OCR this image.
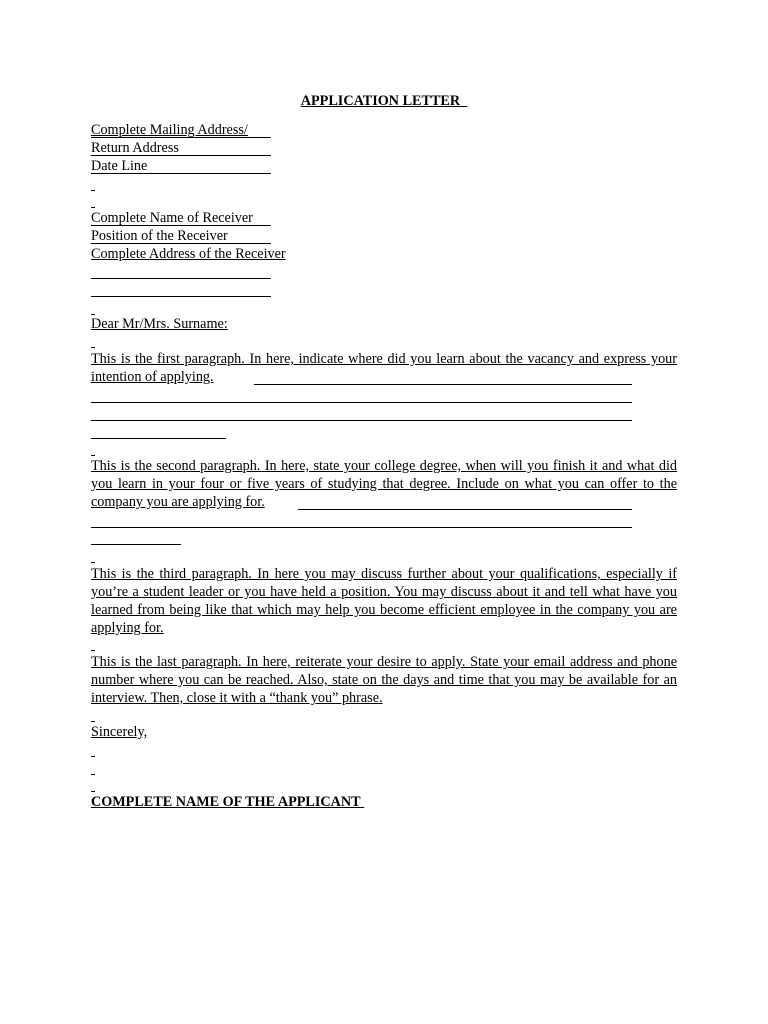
APPLICATION LETTER
Complete Mailing Address/
Return Address
Date Line
Complete Name of Receiver
Position of the Receiver
Complete Address of the Receiver
Dear Mr/Mrs. Surname:
This is the first paragraph. In here, indicate where did you learn about the vacancy and express your intention of applying.
This is the second paragraph. In here, state your college degree, when will you finish it and what did you learn in your four or five years of studying that degree. Include on what you can offer to the company you are applying for.
This is the third paragraph. In here you may discuss further about your qualifications, especially if you’re a student leader or you have held a position. You may discuss about it and tell what have you learned from being like that which may help you become efficient employee in the company you are applying for.
This is the last paragraph. In here, reiterate your desire to apply. State your email address and phone number where you can be reached. Also, state on the days and time that you may be available for an interview. Then, close it with a “thank you” phrase.
Sincerely,
COMPLETE NAME OF THE APPLICANT
